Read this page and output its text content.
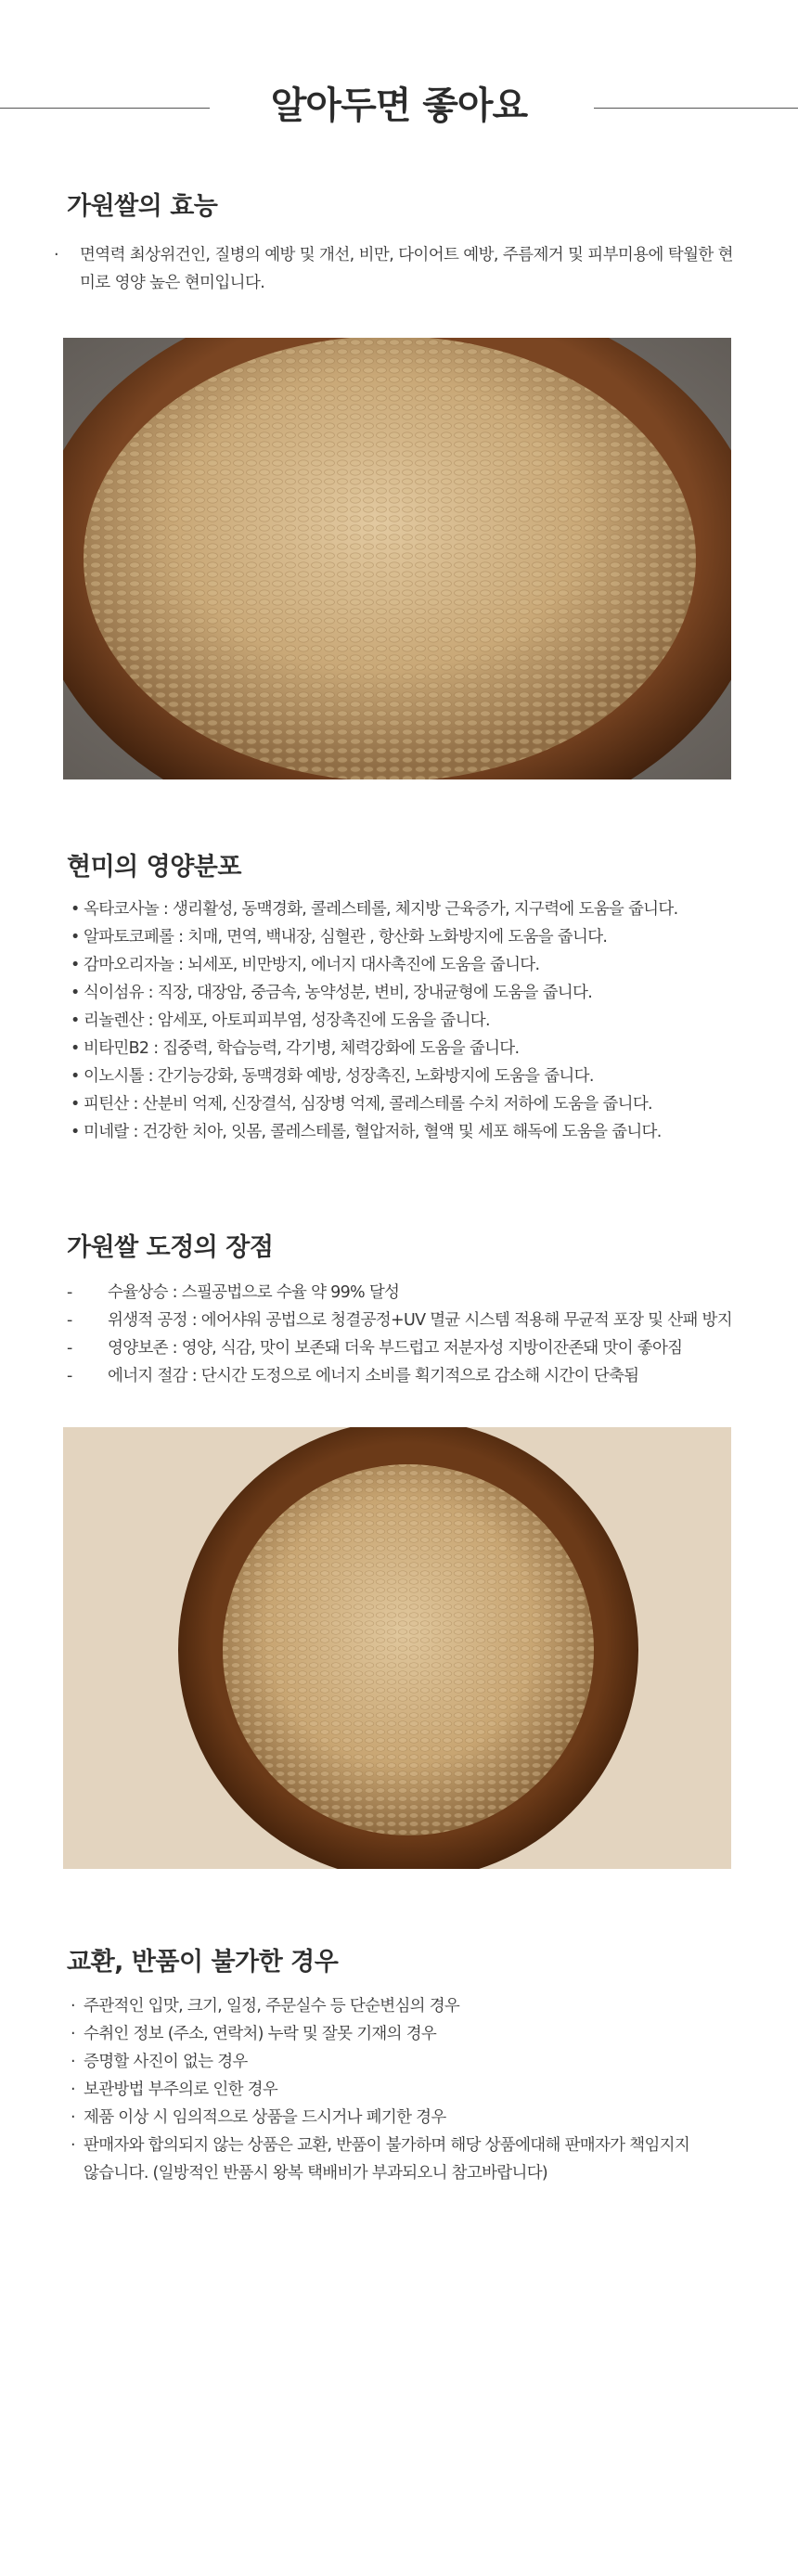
알아두면 좋아요
가원쌀의 효능

· 면역력 최상위건인, 질병의 예방 및 개선, 비만, 다이어트 예방, 주름제거 및 피부미용에 탁월한 현미로 영양 높은 현미입니다.

현미의 영양분포
• 옥타코사놀 : 생리활성, 동맥경화, 콜레스테롤, 체지방 근육증가, 지구력에 도움을 줍니다.
• 알파토코페롤 : 치매, 면역, 백내장, 심혈관 , 항산화 노화방지에 도움을 줍니다.
• 감마오리자놀 : 뇌세포, 비만방지, 에너지 대사촉진에 도움을 줍니다.
• 식이섬유 : 직장, 대장암, 중금속, 농약성분, 변비, 장내균형에 도움을 줍니다.
• 리놀렌산 : 암세포, 아토피피부염, 성장촉진에 도움을 줍니다.
• 비타민B2 : 집중력, 학습능력, 각기병, 체력강화에 도움을 줍니다.
• 이노시톨 : 간기능강화, 동맥경화 예방, 성장촉진, 노화방지에 도움을 줍니다.
• 피틴산 : 산분비 억제, 신장결석, 심장병 억제, 콜레스테롤 수치 저하에 도움을 줍니다.
• 미네랄 : 건강한 치아, 잇몸, 콜레스테롤, 혈압저하, 혈액 및 세포 해독에 도움을 줍니다.
가원쌀 도정의 장점
- 수율상승 : 스필공법으로 수율 약 99% 달성
- 위생적 공정 : 에어샤워 공법으로 청결공정+UV 멸균 시스템 적용해 무균적 포장 및 산패 방지
- 영양보존 : 영양, 식감, 맛이 보존돼 더욱 부드럽고 저분자성 지방이잔존돼 맛이 좋아짐
- 에너지 절감 : 단시간 도정으로 에너지 소비를 획기적으로 감소해 시간이 단축됨
교환, 반품이 불가한 경우
· 주관적인 입맛, 크기, 일정, 주문실수 등 단순변심의 경우
· 수취인 정보 (주소, 연락처) 누락 및 잘못 기재의 경우
· 증명할 사진이 없는 경우
· 보관방법 부주의로 인한 경우
· 제품 이상 시 임의적으로 상품을 드시거나 폐기한 경우
· 판매자와 합의되지 않는 상품은 교환, 반품이 불가하며 해당 상품에대해 판매자가 책임지지
않습니다. (일방적인 반품시 왕복 택배비가 부과되오니 참고바랍니다)
